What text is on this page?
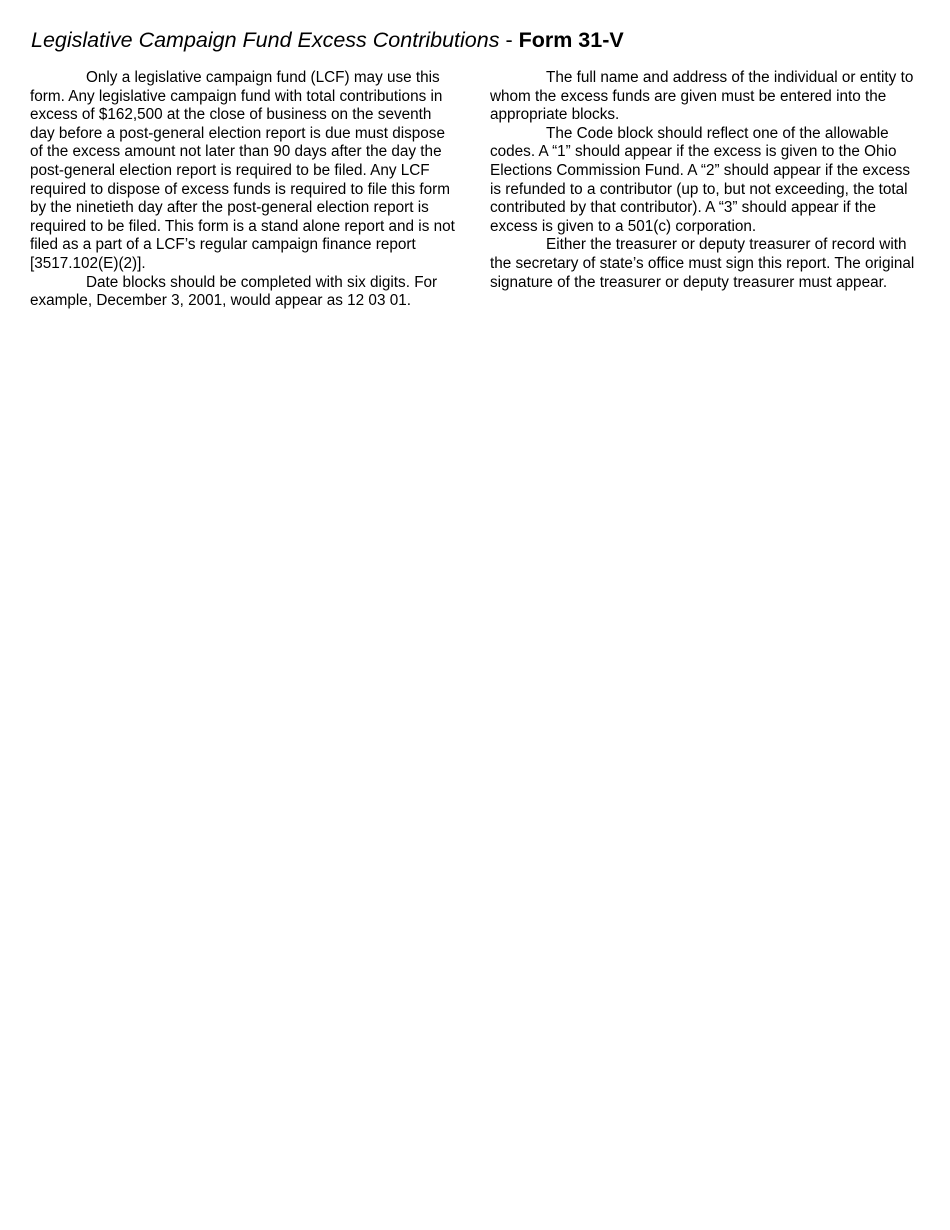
Legislative Campaign Fund Excess Contributions - Form 31-V

Only a legislative campaign fund (LCF) may use this form. Any legislative campaign fund with total contributions in excess of $162,500 at the close of business on the seventh day before a post-general election report is due must dispose of the excess amount not later than 90 days after the day the post-general election report is required to be filed. Any LCF required to dispose of excess funds is required to file this form by the ninetieth day after the post-general election report is required to be filed. This form is a stand alone report and is not filed as a part of a LCF’s regular campaign finance report [3517.102(E)(2)].

Date blocks should be completed with six digits. For example, December 3, 2001, would appear as 12 03 01.

The full name and address of the individual or entity to whom the excess funds are given must be entered into the appropriate blocks.

The Code block should reflect one of the allowable codes. A “1” should appear if the excess is given to the Ohio Elections Commission Fund. A “2” should appear if the excess is refunded to a contributor (up to, but not exceeding, the total contributed by that contributor). A “3” should appear if the excess is given to a 501(c) corporation.

Either the treasurer or deputy treasurer of record with the secretary of state’s office must sign this report. The original signature of the treasurer or deputy treasurer must appear.
